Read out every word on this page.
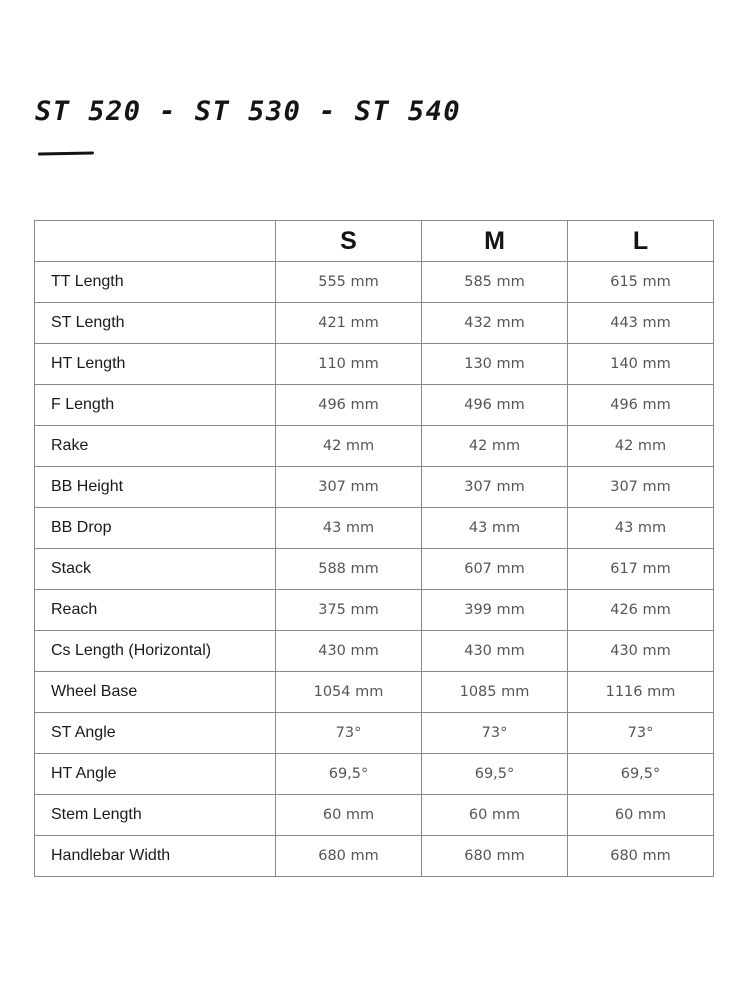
ST 520 - ST 530 - ST 540
	S	M	L
TT Length	555 mm	585 mm	615 mm
ST Length	421 mm	432 mm	443 mm
HT Length	110 mm	130 mm	140 mm
F Length	496 mm	496 mm	496 mm
Rake	42 mm	42 mm	42 mm
BB Height	307 mm	307 mm	307 mm
BB Drop	43 mm	43 mm	43 mm
Stack	588 mm	607 mm	617 mm
Reach	375 mm	399 mm	426 mm
Cs Length (Horizontal)	430 mm	430 mm	430 mm
Wheel Base	1054 mm	1085 mm	1116 mm
ST Angle	73°	73°	73°
HT Angle	69,5°	69,5°	69,5°
Stem Length	60 mm	60 mm	60 mm
Handlebar Width	680 mm	680 mm	680 mm
